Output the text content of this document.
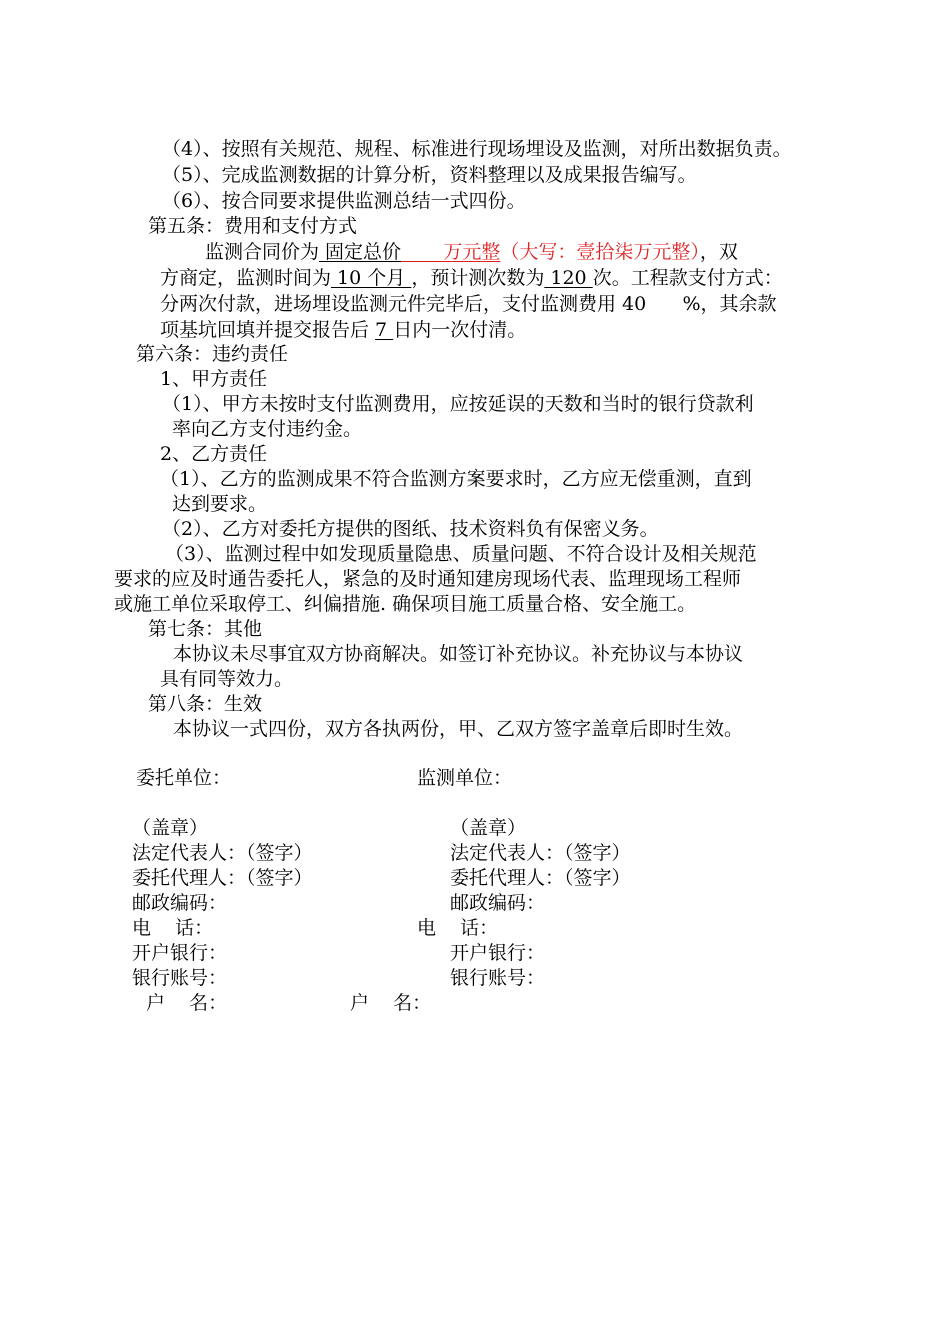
（4）、按照有关规范、规程、标准进行现场埋设及监测，对所出数据负责。
（5）、完成监测数据的计算分析，资料整理以及成果报告编写。
（6）、按合同要求提供监测总结一式四份。
第五条：费用和支付方式
监测合同价为 固定总价       万元整（大写：壹拾柒万元整），双
方商定，监测时间为 10 个月 ，预计测次数为 120 次。工程款支付方式：
分两次付款，进场埋设监测元件完毕后，支付监测费用 40      %，其余款
项基坑回填并提交报告后 7 日内一次付清。
第六条：违约责任
1、甲方责任
（1）、甲方未按时支付监测费用，应按延误的天数和当时的银行贷款利
率向乙方支付违约金。
2、乙方责任
（1）、乙方的监测成果不符合监测方案要求时，乙方应无偿重测，直到
达到要求。
（2）、乙方对委托方提供的图纸、技术资料负有保密义务。
（3）、监测过程中如发现质量隐患、质量问题、不符合设计及相关规范
要求的应及时通告委托人，紧急的及时通知建房现场代表、监理现场工程师
或施工单位采取停工、纠偏措施. 确保项目施工质量合格、安全施工。
第七条：其他
本协议未尽事宜双方协商解决。如签订补充协议。补充协议与本协议
具有同等效力。
第八条：生效
本协议一式四份，双方各执两份，甲、乙双方签字盖章后即时生效。
委托单位：
（盖章）
法定代表人：（签字）
委托代理人：（签字）
邮政编码：
电    话：
开户银行：
银行账号：
户    名：
监测单位：
（盖章）
法定代表人：（签字）
委托代理人：（签字）
邮政编码：
电    话：
开户银行：
银行账号：
户    名：
